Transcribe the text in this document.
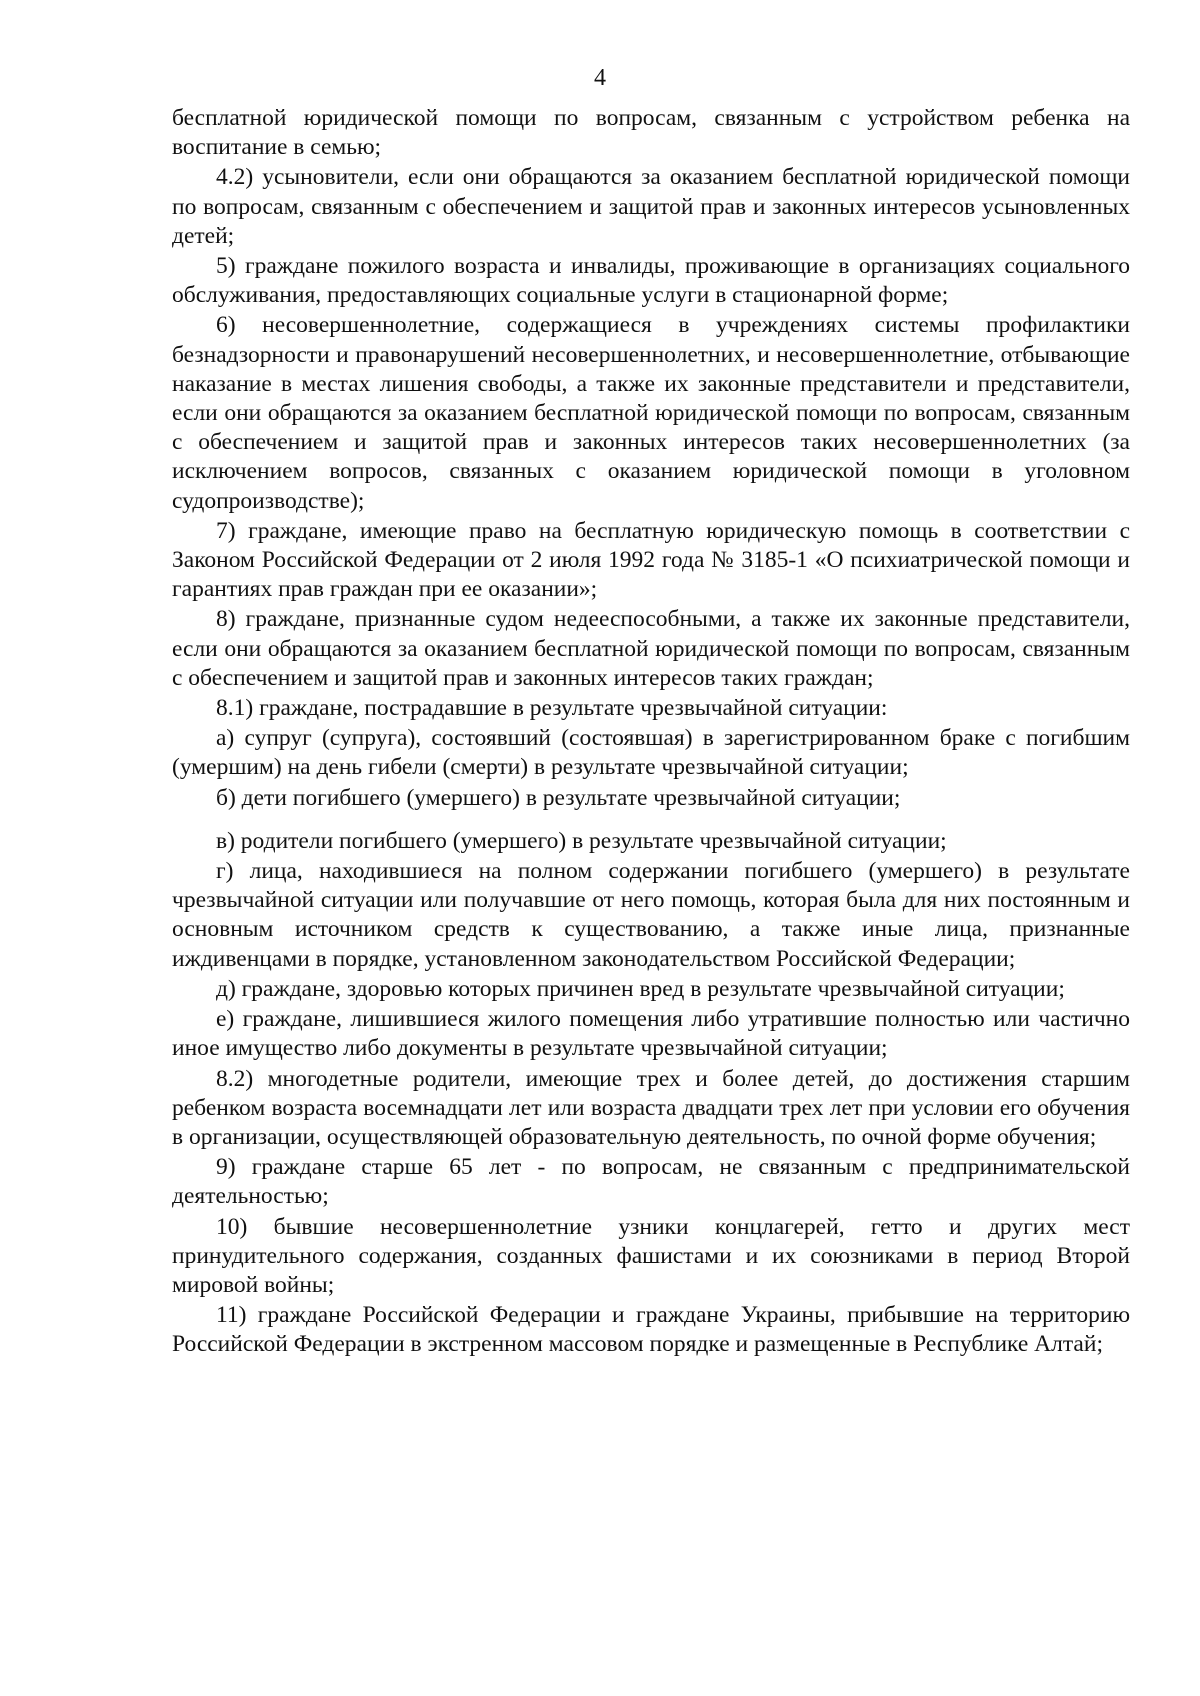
4

бесплатной юридической помощи по вопросам, связанным с устройством ребенка на воспитание в семью;

4.2) усыновители, если они обращаются за оказанием бесплатной юридической помощи по вопросам, связанным с обеспечением и защитой прав и законных интересов усыновленных детей;

5) граждане пожилого возраста и инвалиды, проживающие в организациях социального обслуживания, предоставляющих социальные услуги в стационарной форме;

6) несовершеннолетние, содержащиеся в учреждениях системы профилактики безнадзорности и правонарушений несовершеннолетних, и несовершеннолетние, отбывающие наказание в местах лишения свободы, а также их законные представители и представители, если они обращаются за оказанием бесплатной юридической помощи по вопросам, связанным с обеспечением и защитой прав и законных интересов таких несовершеннолетних (за исключением вопросов, связанных с оказанием юридической помощи в уголовном судопроизводстве);

7) граждане, имеющие право на бесплатную юридическую помощь в соответствии с Законом Российской Федерации от 2 июля 1992 года № 3185-1 «О психиатрической помощи и гарантиях прав граждан при ее оказании»;

8) граждане, признанные судом недееспособными, а также их законные представители, если они обращаются за оказанием бесплатной юридической помощи по вопросам, связанным с обеспечением и защитой прав и законных интересов таких граждан;

8.1) граждане, пострадавшие в результате чрезвычайной ситуации:

а) супруг (супруга), состоявший (состоявшая) в зарегистрированном браке с погибшим (умершим) на день гибели (смерти) в результате чрезвычайной ситуации;

б) дети погибшего (умершего) в результате чрезвычайной ситуации;

в) родители погибшего (умершего) в результате чрезвычайной ситуации;

г) лица, находившиеся на полном содержании погибшего (умершего) в результате чрезвычайной ситуации или получавшие от него помощь, которая была для них постоянным и основным источником средств к существованию, а также иные лица, признанные иждивенцами в порядке, установленном законодательством Российской Федерации;

д) граждане, здоровью которых причинен вред в результате чрезвычайной ситуации;

е) граждане, лишившиеся жилого помещения либо утратившие полностью или частично иное имущество либо документы в результате чрезвычайной ситуации;

8.2) многодетные родители, имеющие трех и более детей, до достижения старшим ребенком возраста восемнадцати лет или возраста двадцати трех лет при условии его обучения в организации, осуществляющей образовательную деятельность, по очной форме обучения;

9) граждане старше 65 лет - по вопросам, не связанным с предпринимательской деятельностью;

10) бывшие несовершеннолетние узники концлагерей, гетто и других мест принудительного содержания, созданных фашистами и их союзниками в период Второй мировой войны;

11) граждане Российской Федерации и граждане Украины, прибывшие на территорию Российской Федерации в экстренном массовом порядке и размещенные в Республике Алтай;
